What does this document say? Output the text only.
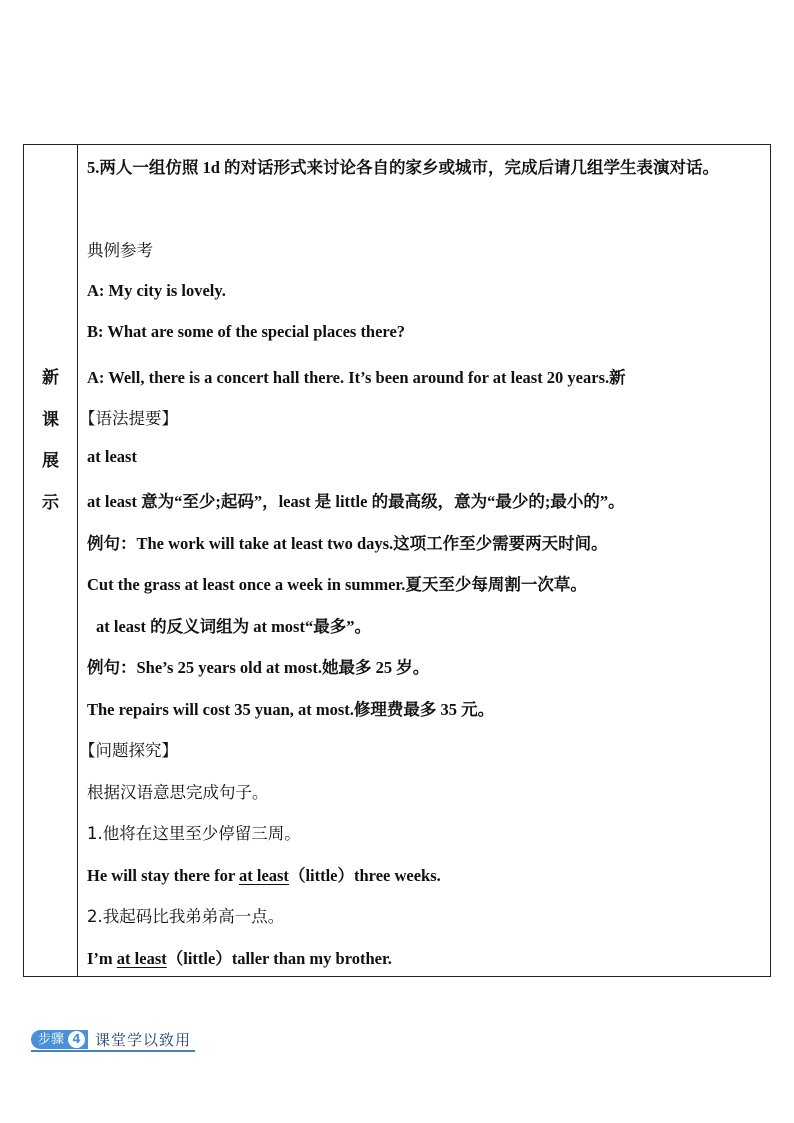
新
课
展
示
5.两人一组仿照 1d 的对话形式来讨论各自的家乡或城市，完成后请几组学生表演对话。
典例参考
A: My city is lovely.
B: What are some of the special places there?
A: Well, there is a concert hall there. It’s been around for at least 20 years.新
【语法提要】
at least
at least 意为“至少;起码”，least 是 little 的最高级，意为“最少的;最小的”。
例句：The work will take at least two days.这项工作至少需要两天时间。
Cut the grass at least once a week in summer.夏天至少每周割一次草。
at least 的反义词组为 at most“最多”。
例句：She’s 25 years old at most.她最多 25 岁。
The repairs will cost 35 yuan, at most.修理费最多 35 元。
【问题探究】
根据汉语意思完成句子。
1.他将在这里至少停留三周。
He will stay there for at least（little）three weeks.
2.我起码比我弟弟高一点。
I’m at least（little）taller than my brother.
步骤 4 课堂学以致用
